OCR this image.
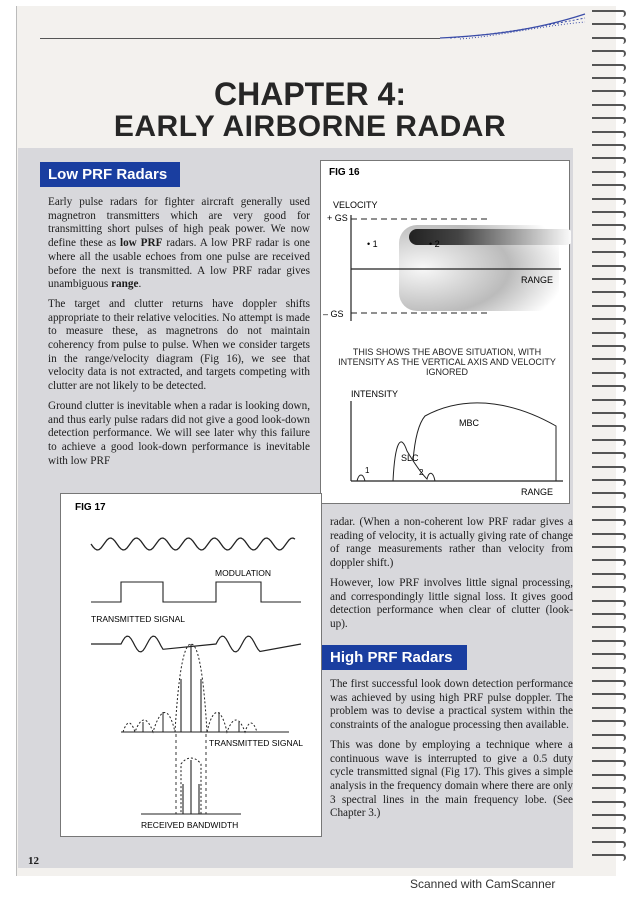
CHAPTER 4:
EARLY AIRBORNE RADAR
Low PRF Radars

Early pulse radars for fighter aircraft generally used magnetron transmitters which are very good for transmitting short pulses of high peak power. We now define these as low PRF radars. A low PRF radar is one where all the usable echoes from one pulse are received before the next is transmitted. A low PRF radar gives unambiguous range.

The target and clutter returns have doppler shifts appropriate to their relative velocities. No attempt is made to measure these, as magnetrons do not maintain coherency from pulse to pulse. When we consider targets in the range/velocity diagram (Fig 16), we see that velocity data is not extracted, and targets competing with clutter are not likely to be detected.

Ground clutter is inevitable when a radar is looking down, and thus early pulse radars did not give a good look-down detection performance. We will see later why this failure to achieve a good look-down performance is inevitable with low PRF

FIG 16
VELOCITY
+ GS
• 1	• 2
RANGE
– GS
THIS SHOWS THE ABOVE SITUATION, WITH INTENSITY AS THE VERTICAL AXIS AND VELOCITY IGNORED
INTENSITY
MBC
SLC
1	2
RANGE
FIG 17
MODULATION
TRANSMITTED SIGNAL
TRANSMITTED SIGNAL
RECEIVED BANDWIDTH

radar. (When a non-coherent low PRF radar gives a reading of velocity, it is actually giving rate of change of range measurements rather than velocity from doppler shift.)

However, low PRF involves little signal processing, and correspondingly little signal loss. It gives good detection performance when clear of clutter (look-up).

High PRF Radars

The first successful look down detection performance was achieved by using high PRF pulse doppler. The problem was to devise a practical system within the constraints of the analogue processing then available.

This was done by employing a technique where a continuous wave is interrupted to give a 0.5 duty cycle transmitted signal (Fig 17). This gives a simple analysis in the frequency domain where there are only 3 spectral lines in the main frequency lobe. (See Chapter 3.)

12
Scanned with CamScanner
